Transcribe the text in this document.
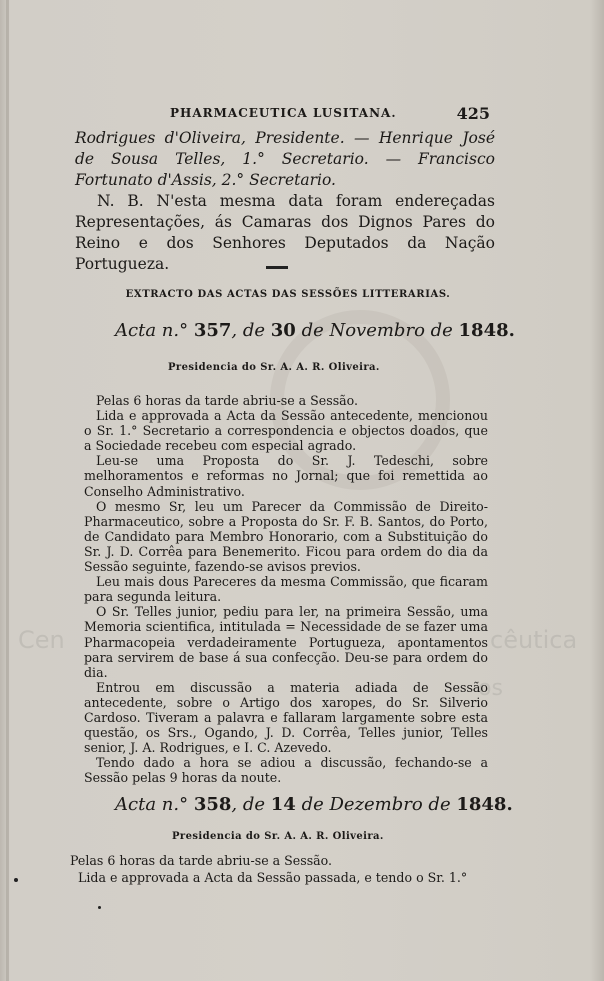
Cen	cêutica
os
PHARMACEUTICA LUSITANA.	425

Rodrigues d'Oliveira, Presidente. — Henrique José de Sousa Telles, 1.° Secretario. — Francisco Fortunato d'Assis, 2.° Secretario.

N. B. N'esta mesma data foram endereçadas Representações, ás Camaras dos Dignos Pares do Reino e dos Senhores Deputados da Nação Portugueza.

EXTRACTO DAS ACTAS DAS SESSÕES LITTERARIAS.
Acta n.° 357, de 30 de Novembro de 1848.
Presidencia do Sr. A. A. R. Oliveira.

Pelas 6 horas da tarde abriu-se a Sessão.

Lida e approvada a Acta da Sessão antecedente, mencionou o Sr. 1.° Secretario a correspondencia e objectos doados, que a Sociedade recebeu com especial agrado.

Leu-se uma Proposta do Sr. J. Tedeschi, sobre melhoramentos e reformas no Jornal; que foi remettida ao Conselho Administrativo.

O mesmo Sr, leu um Parecer da Commissão de Direito-Pharmaceutico, sobre a Proposta do Sr. F. B. Santos, do Porto, de Candidato para Membro Honorario, com a Substituição do Sr. J. D. Corrêa para Benemerito. Ficou para ordem do dia da Sessão seguinte, fazendo-se avisos previos.

Leu mais dous Pareceres da mesma Commissão, que ficaram para segunda leitura.

O Sr. Telles junior, pediu para ler, na primeira Sessão, uma Memoria scientifica, intitulada = Necessidade de se fazer uma Pharmacopeia verdadeiramente Portugueza, apontamentos para servirem de base á sua confecção. Deu-se para ordem do dia.

Entrou em discussão a materia adiada de Sessão antecedente, sobre o Artigo dos xaropes, do Sr. Silverio Cardoso. Tiveram a palavra e fallaram largamente sobre esta questão, os Srs., Ogando, J. D. Corrêa, Telles junior, Telles senior, J. A. Rodrigues, e I. C. Azevedo.

Tendo dado a hora se adiou a discussão, fechando-se a Sessão pelas 9 horas da noute.

Acta n.° 358, de 14 de Dezembro de 1848.
Presidencia do Sr. A. A. R. Oliveira.

Pelas 6 horas da tarde abriu-se a Sessão.

Lida e approvada a Acta da Sessão passada, e tendo o Sr. 1.°
